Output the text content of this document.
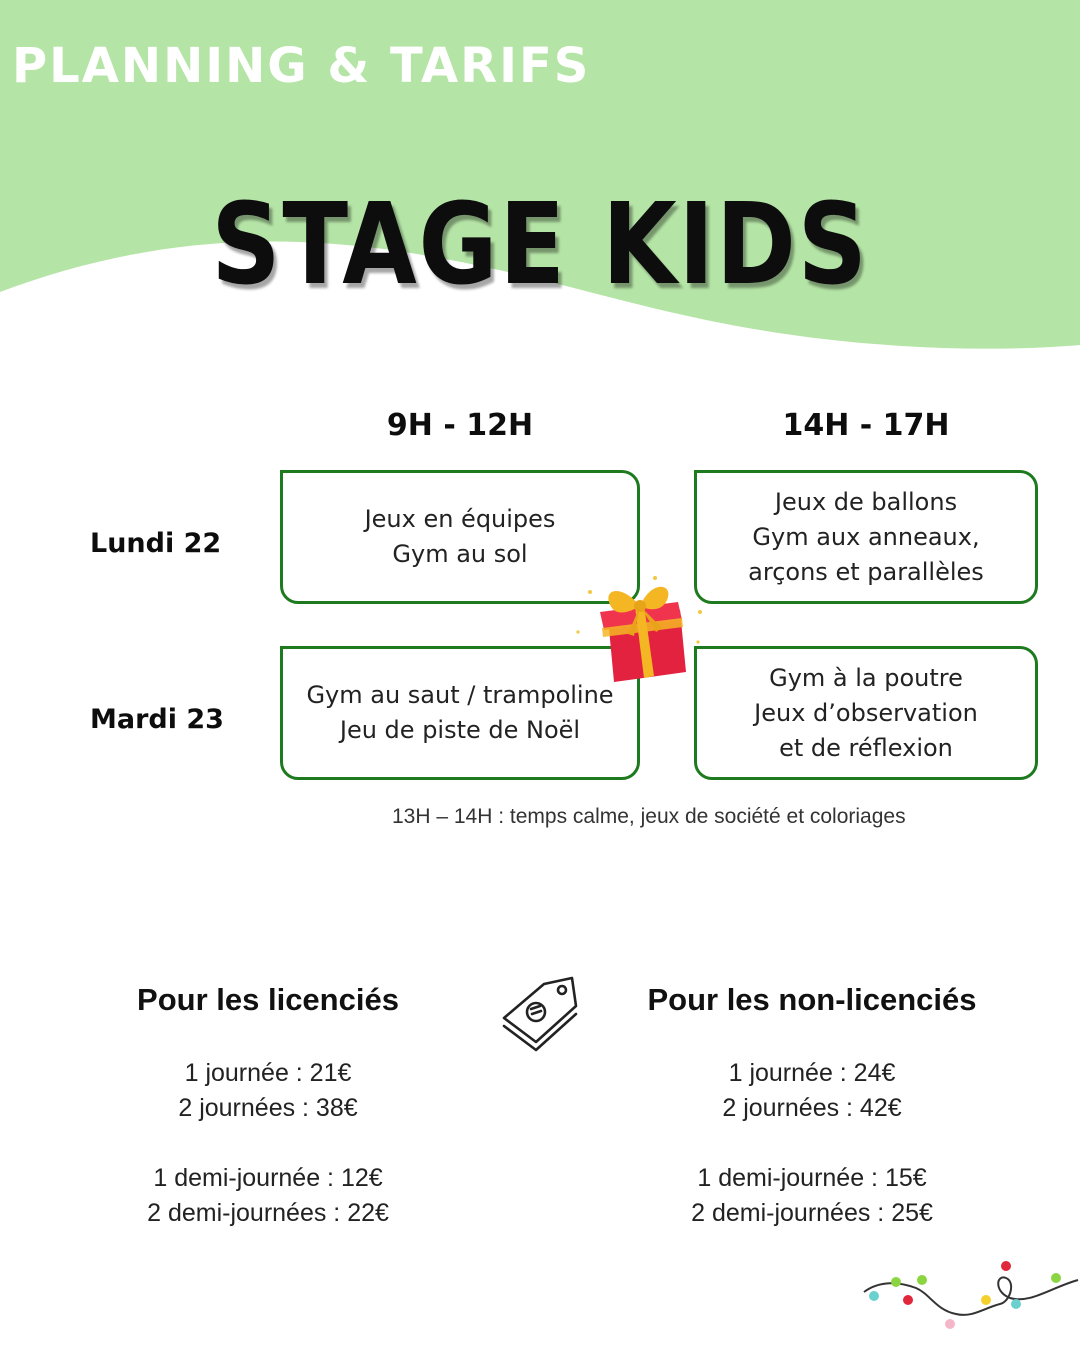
PLANNING & TARIFS
STAGE KIDS
9H - 12H	14H - 17H
Lundi 22
Mardi 23
Jeux en équipes
Gym au sol
Jeux de ballons
Gym aux anneaux,
arçons et parallèles
Gym au saut / trampoline
Jeu de piste de Noël
Gym à la poutre
Jeux d’observation
et de réflexion
13H – 14H : temps calme, jeux de société et coloriages
Pour les licenciés
1 journée : 21€
2 journées : 38€
1 demi-journée : 12€
2 demi-journées : 22€
Pour les non-licenciés
1 journée : 24€
2 journées : 42€
1 demi-journée : 15€
2 demi-journées : 25€
